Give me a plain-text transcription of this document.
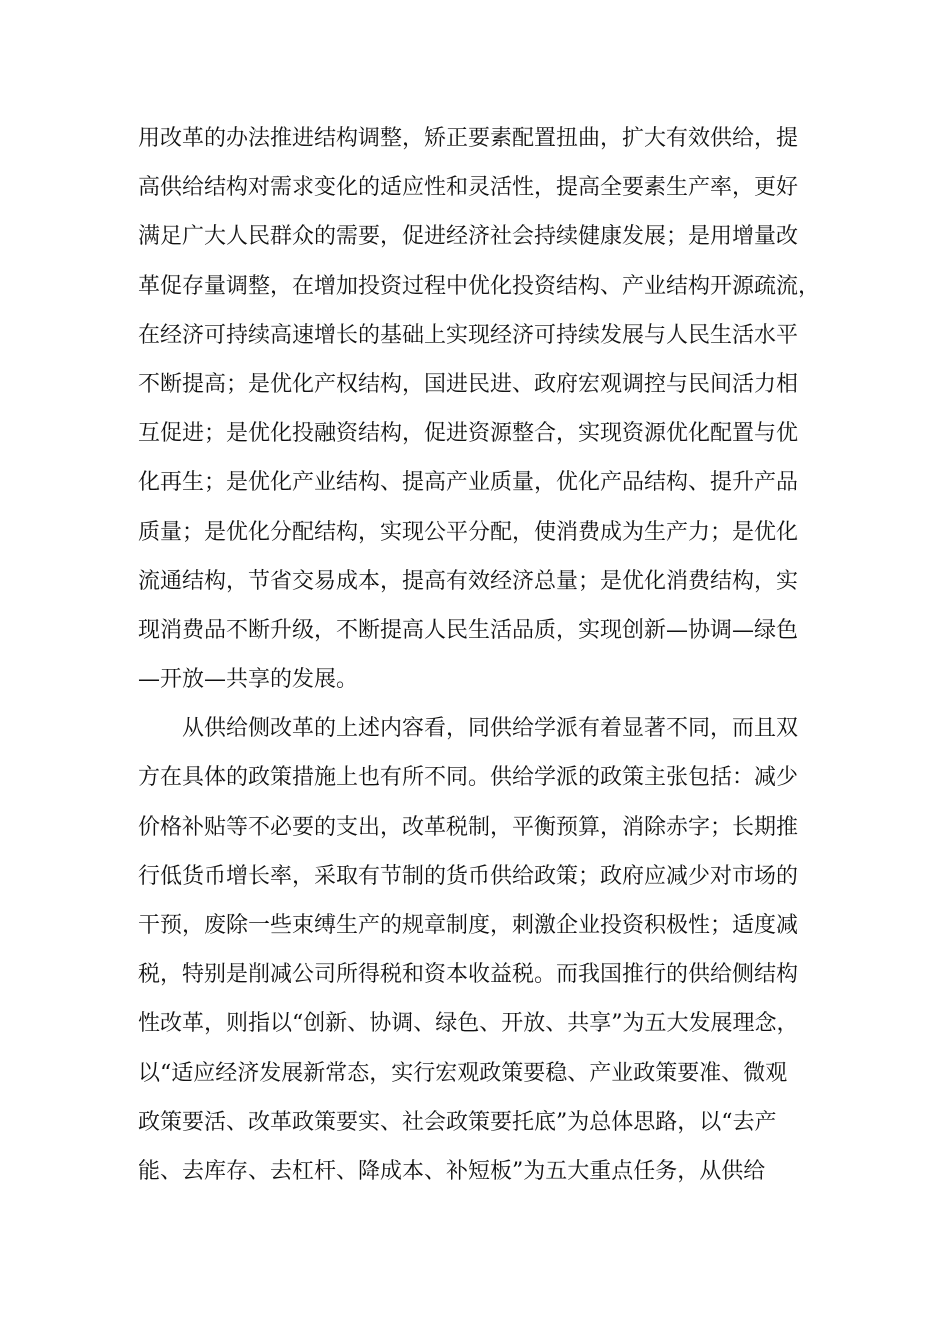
用改革的办法推进结构调整，矫正要素配置扭曲，扩大有效供给，提
高供给结构对需求变化的适应性和灵活性，提高全要素生产率，更好
满足广大人民群众的需要，促进经济社会持续健康发展；是用增量改
革促存量调整，在增加投资过程中优化投资结构、产业结构开源疏流，
在经济可持续高速增长的基础上实现经济可持续发展与人民生活水平
不断提高；是优化产权结构，国进民进、政府宏观调控与民间活力相
互促进；是优化投融资结构，促进资源整合，实现资源优化配置与优
化再生；是优化产业结构、提高产业质量，优化产品结构、提升产品
质量；是优化分配结构，实现公平分配，使消费成为生产力；是优化
流通结构，节省交易成本，提高有效经济总量；是优化消费结构，实
现消费品不断升级，不断提高人民生活品质，实现创新—协调—绿色
—开放—共享的发展。
从供给侧改革的上述内容看，同供给学派有着显著不同，而且双
方在具体的政策措施上也有所不同。供给学派的政策主张包括：减少
价格补贴等不必要的支出，改革税制，平衡预算，消除赤字；长期推
行低货币增长率，采取有节制的货币供给政策；政府应减少对市场的
干预，废除一些束缚生产的规章制度，刺激企业投资积极性；适度减
税，特别是削减公司所得税和资本收益税。而我国推行的供给侧结构
性改革，则指以“创新、协调、绿色、开放、共享”为五大发展理念，
以“适应经济发展新常态，实行宏观政策要稳、产业政策要准、微观
政策要活、改革政策要实、社会政策要托底”为总体思路，以“去产
能、去库存、去杠杆、降成本、补短板”为五大重点任务，从供给
